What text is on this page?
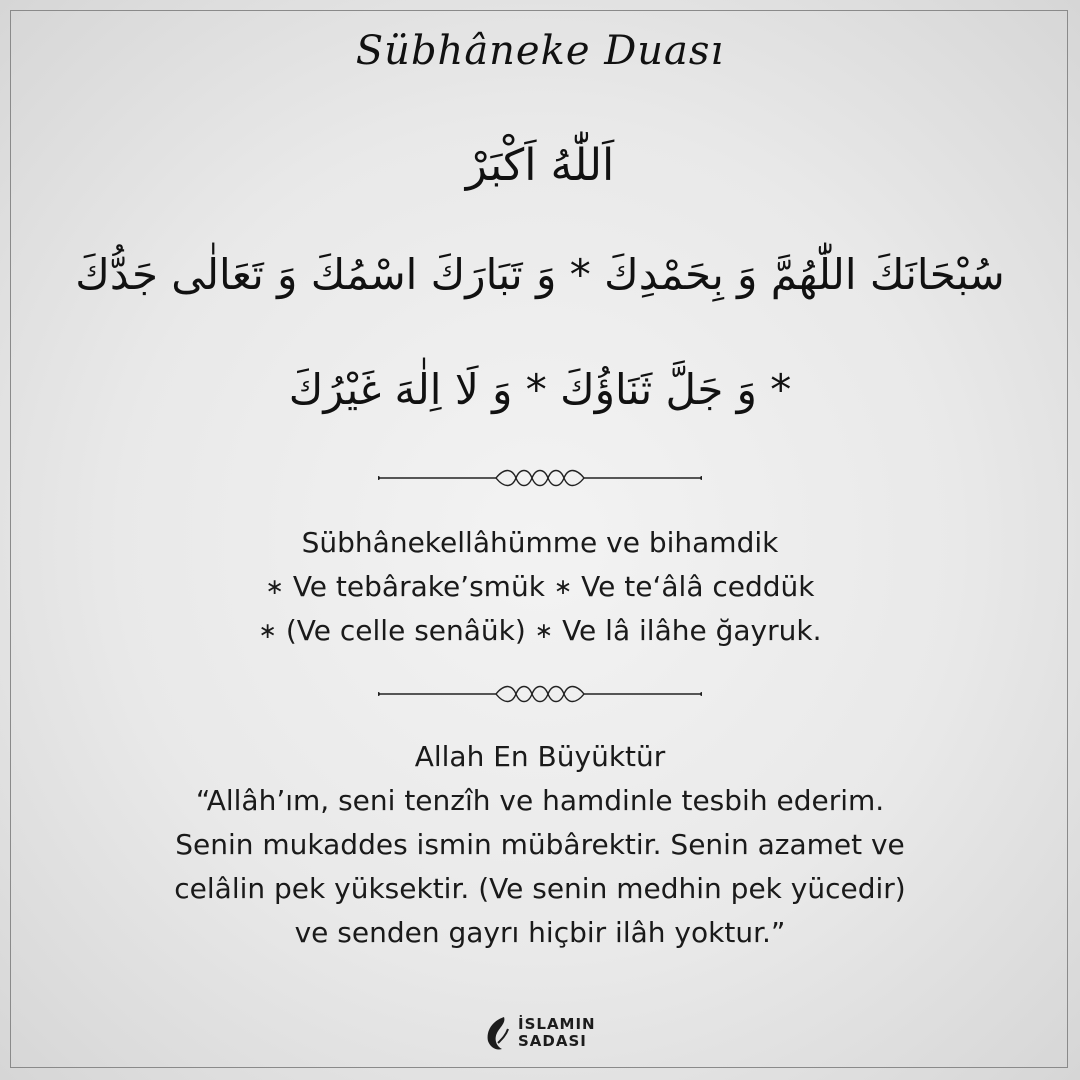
Sübhâneke Duası
اَللّٰهُ اَكْبَرْ
سُبْحَانَكَ اللّٰهُمَّ وَ بِحَمْدِكَ * وَ تَبَارَكَ اسْمُكَ وَ تَعَالٰى جَدُّكَ
* وَ جَلَّ ثَنَاؤُكَ * وَ لَا اِلٰهَ غَيْرُكَ
Sübhânekellâhümme ve bihamdik
∗ Ve tebârake’smük ∗ Ve te‘âlâ ceddük
∗ (Ve celle senâük) ∗ Ve lâ ilâhe ğayruk.
Allah En Büyüktür
“Allâh’ım, seni tenzîh ve hamdinle tesbih ederim.
Senin mukaddes ismin mübârektir. Senin azamet ve
celâlin pek yüksektir. (Ve senin medhin pek yücedir)
ve senden gayrı hiçbir ilâh yoktur.”
İSLAMIN
SADASI
